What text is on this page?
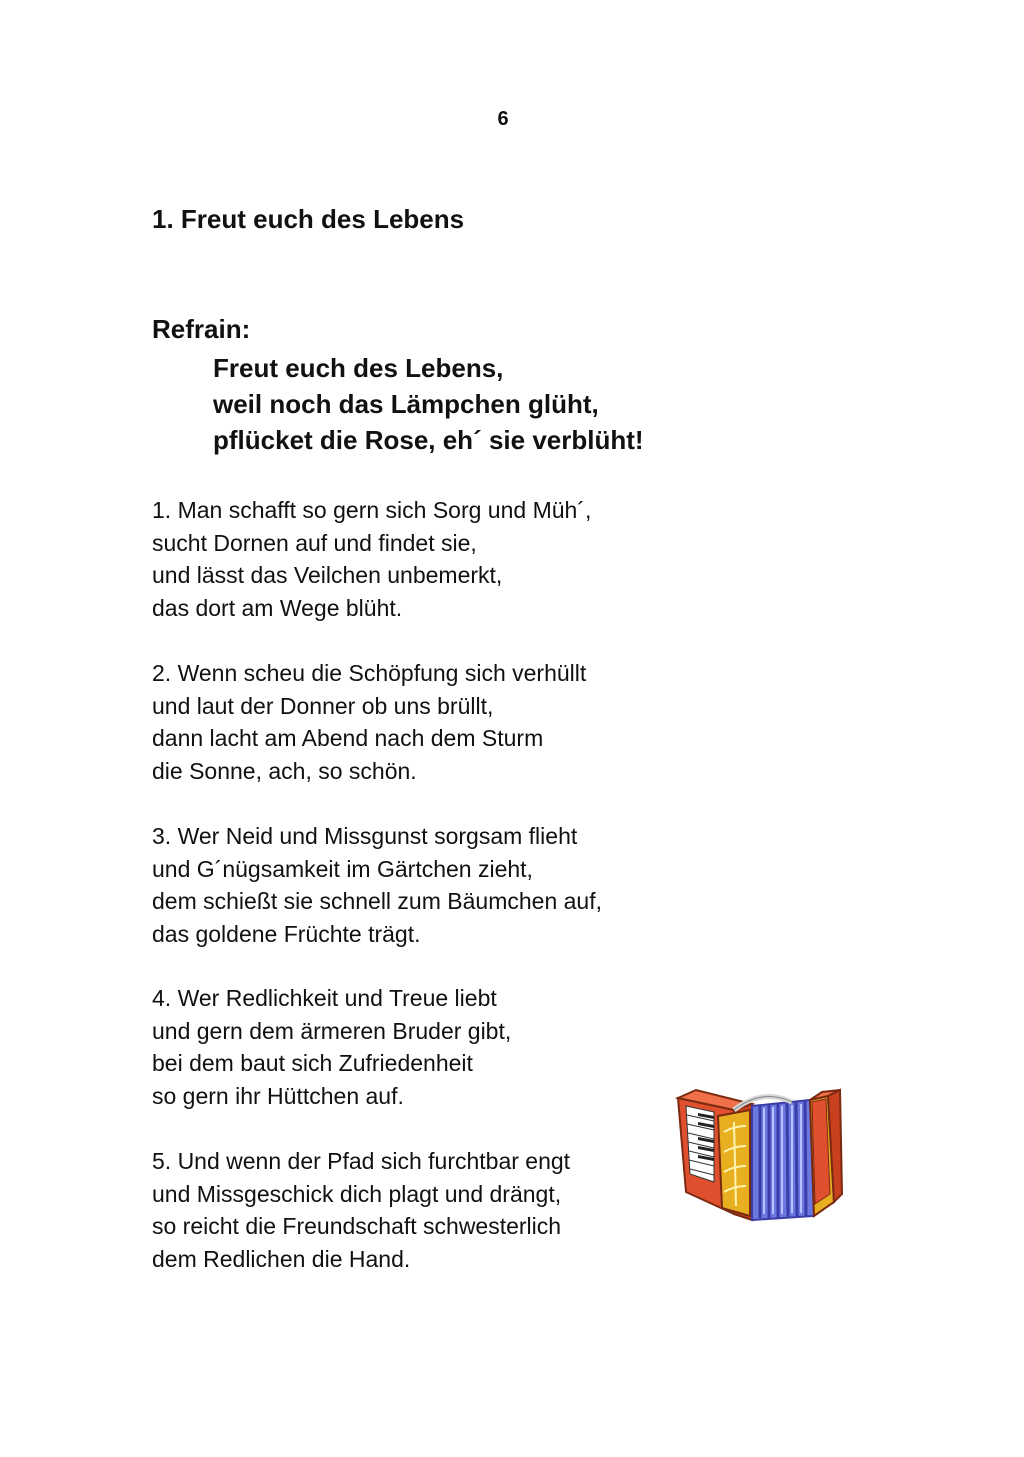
6
1. Freut euch des Lebens
Refrain:
Freut euch des Lebens,
weil noch das Lämpchen glüht,
pflücket die Rose, eh´ sie verblüht!
1. Man schafft so gern sich Sorg und Müh´,
sucht Dornen auf und findet sie,
und lässt das Veilchen unbemerkt,
das dort am Wege blüht.
2. Wenn scheu die Schöpfung sich verhüllt
und laut der Donner ob uns brüllt,
dann lacht am Abend nach dem Sturm
die Sonne, ach, so schön.
3. Wer Neid und Missgunst sorgsam flieht
und G´nügsamkeit im Gärtchen zieht,
dem schießt sie schnell zum Bäumchen auf,
das goldene Früchte trägt.
4. Wer Redlichkeit und Treue liebt
und gern dem ärmeren Bruder gibt,
bei dem baut sich Zufriedenheit
so gern ihr Hüttchen auf.
5. Und wenn der Pfad sich furchtbar engt
und Missgeschick dich plagt und drängt,
so reicht die Freundschaft schwesterlich
dem Redlichen die Hand.
